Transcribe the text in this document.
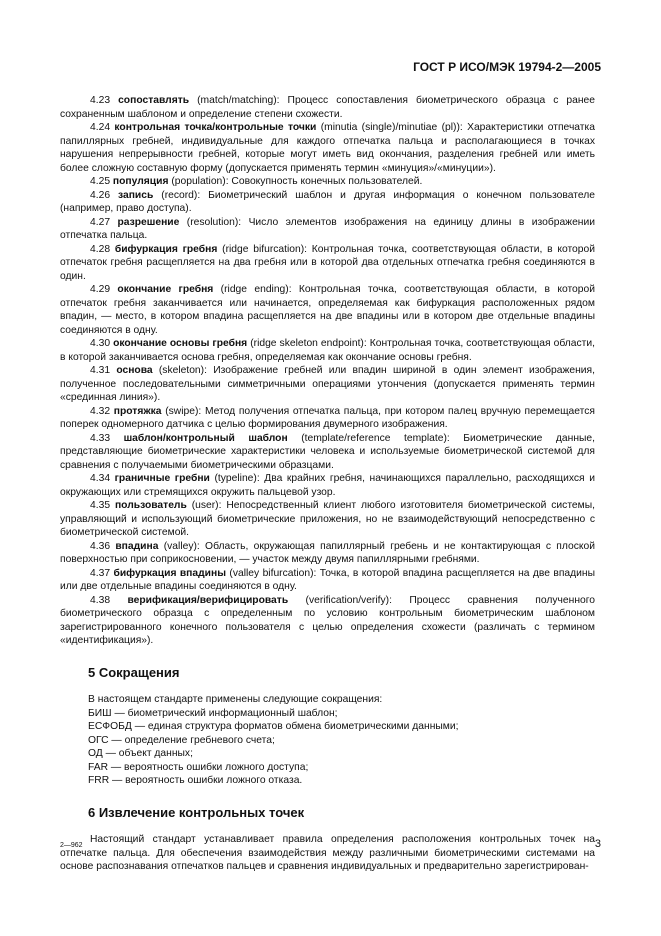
ГОСТ Р ИСО/МЭК 19794-2—2005

4.23 сопоставлять (match/matching): Процесс сопоставления биометрического образца с ранее сохраненным шаблоном и определение степени схожести.

4.24 контрольная точка/контрольные точки (minutia (single)/minutiae (pl)): Характеристики отпечатка папиллярных гребней, индивидуальные для каждого отпечатка пальца и располагающиеся в точках нарушения непрерывности гребней, которые могут иметь вид окончания, разделения гребней или иметь более сложную составную форму (допускается применять термин «минуция»/«минуции»).

4.25 популяция (population): Совокупность конечных пользователей.

4.26 запись (record): Биометрический шаблон и другая информация о конечном пользователе (например, право доступа).

4.27 разрешение (resolution): Число элементов изображения на единицу длины в изображении отпечатка пальца.

4.28 бифуркация гребня (ridge bifurcation): Контрольная точка, соответствующая области, в которой отпечаток гребня расщепляется на два гребня или в которой два отдельных отпечатка гребня соединяются в один.

4.29 окончание гребня (ridge ending): Контрольная точка, соответствующая области, в которой отпечаток гребня заканчивается или начинается, определяемая как бифуркация расположенных рядом впадин, — место, в котором впадина расщепляется на две впадины или в котором две отдельные впадины соединяются в одну.

4.30 окончание основы гребня (ridge skeleton endpoint): Контрольная точка, соответствующая области, в которой заканчивается основа гребня, определяемая как окончание основы гребня.

4.31 основа (skeleton): Изображение гребней или впадин шириной в один элемент изображения, полученное последовательными симметричными операциями утончения (допускается применять термин «срединная линия»).

4.32 протяжка (swipe): Метод получения отпечатка пальца, при котором палец вручную перемещается поперек одномерного датчика с целью формирования двумерного изображения.

4.33 шаблон/контрольный шаблон (template/reference template): Биометрические данные, представляющие биометрические характеристики человека и используемые биометрической системой для сравнения с получаемыми биометрическими образцами.

4.34 граничные гребни (typeline): Два крайних гребня, начинающихся параллельно, расходящихся и окружающих или стремящихся окружить пальцевой узор.

4.35 пользователь (user): Непосредственный клиент любого изготовителя биометрической системы, управляющий и использующий биометрические приложения, но не взаимодействующий непосредственно с биометрической системой.

4.36 впадина (valley): Область, окружающая папиллярный гребень и не контактирующая с плоской поверхностью при соприкосновении, — участок между двумя папиллярными гребнями.

4.37 бифуркация впадины (valley bifurcation): Точка, в которой впадина расщепляется на две впадины или две отдельные впадины соединяются в одну.

4.38 верификация/верифицировать (verification/verify): Процесс сравнения полученного биометрического образца с определенным по условию контрольным биометрическим шаблоном зарегистрированного конечного пользователя с целью определения схожести (различать с термином «идентификация»).

5 Сокращения

В настоящем стандарте применены следующие сокращения:

БИШ — биометрический информационный шаблон;

ЕСФОБД — единая структура форматов обмена биометрическими данными;

ОГС — определение гребневого счета;

ОД — объект данных;

FAR — вероятность ошибки ложного доступа;

FRR — вероятность ошибки ложного отказа.

6 Извлечение контрольных точек

Настоящий стандарт устанавливает правила определения расположения контрольных точек на отпечатке пальца. Для обеспечения взаимодействия между различными биометрическими системами на основе распознавания отпечатков пальцев и сравнения индивидуальных и предварительно зарегистрирован-

2—962	3
